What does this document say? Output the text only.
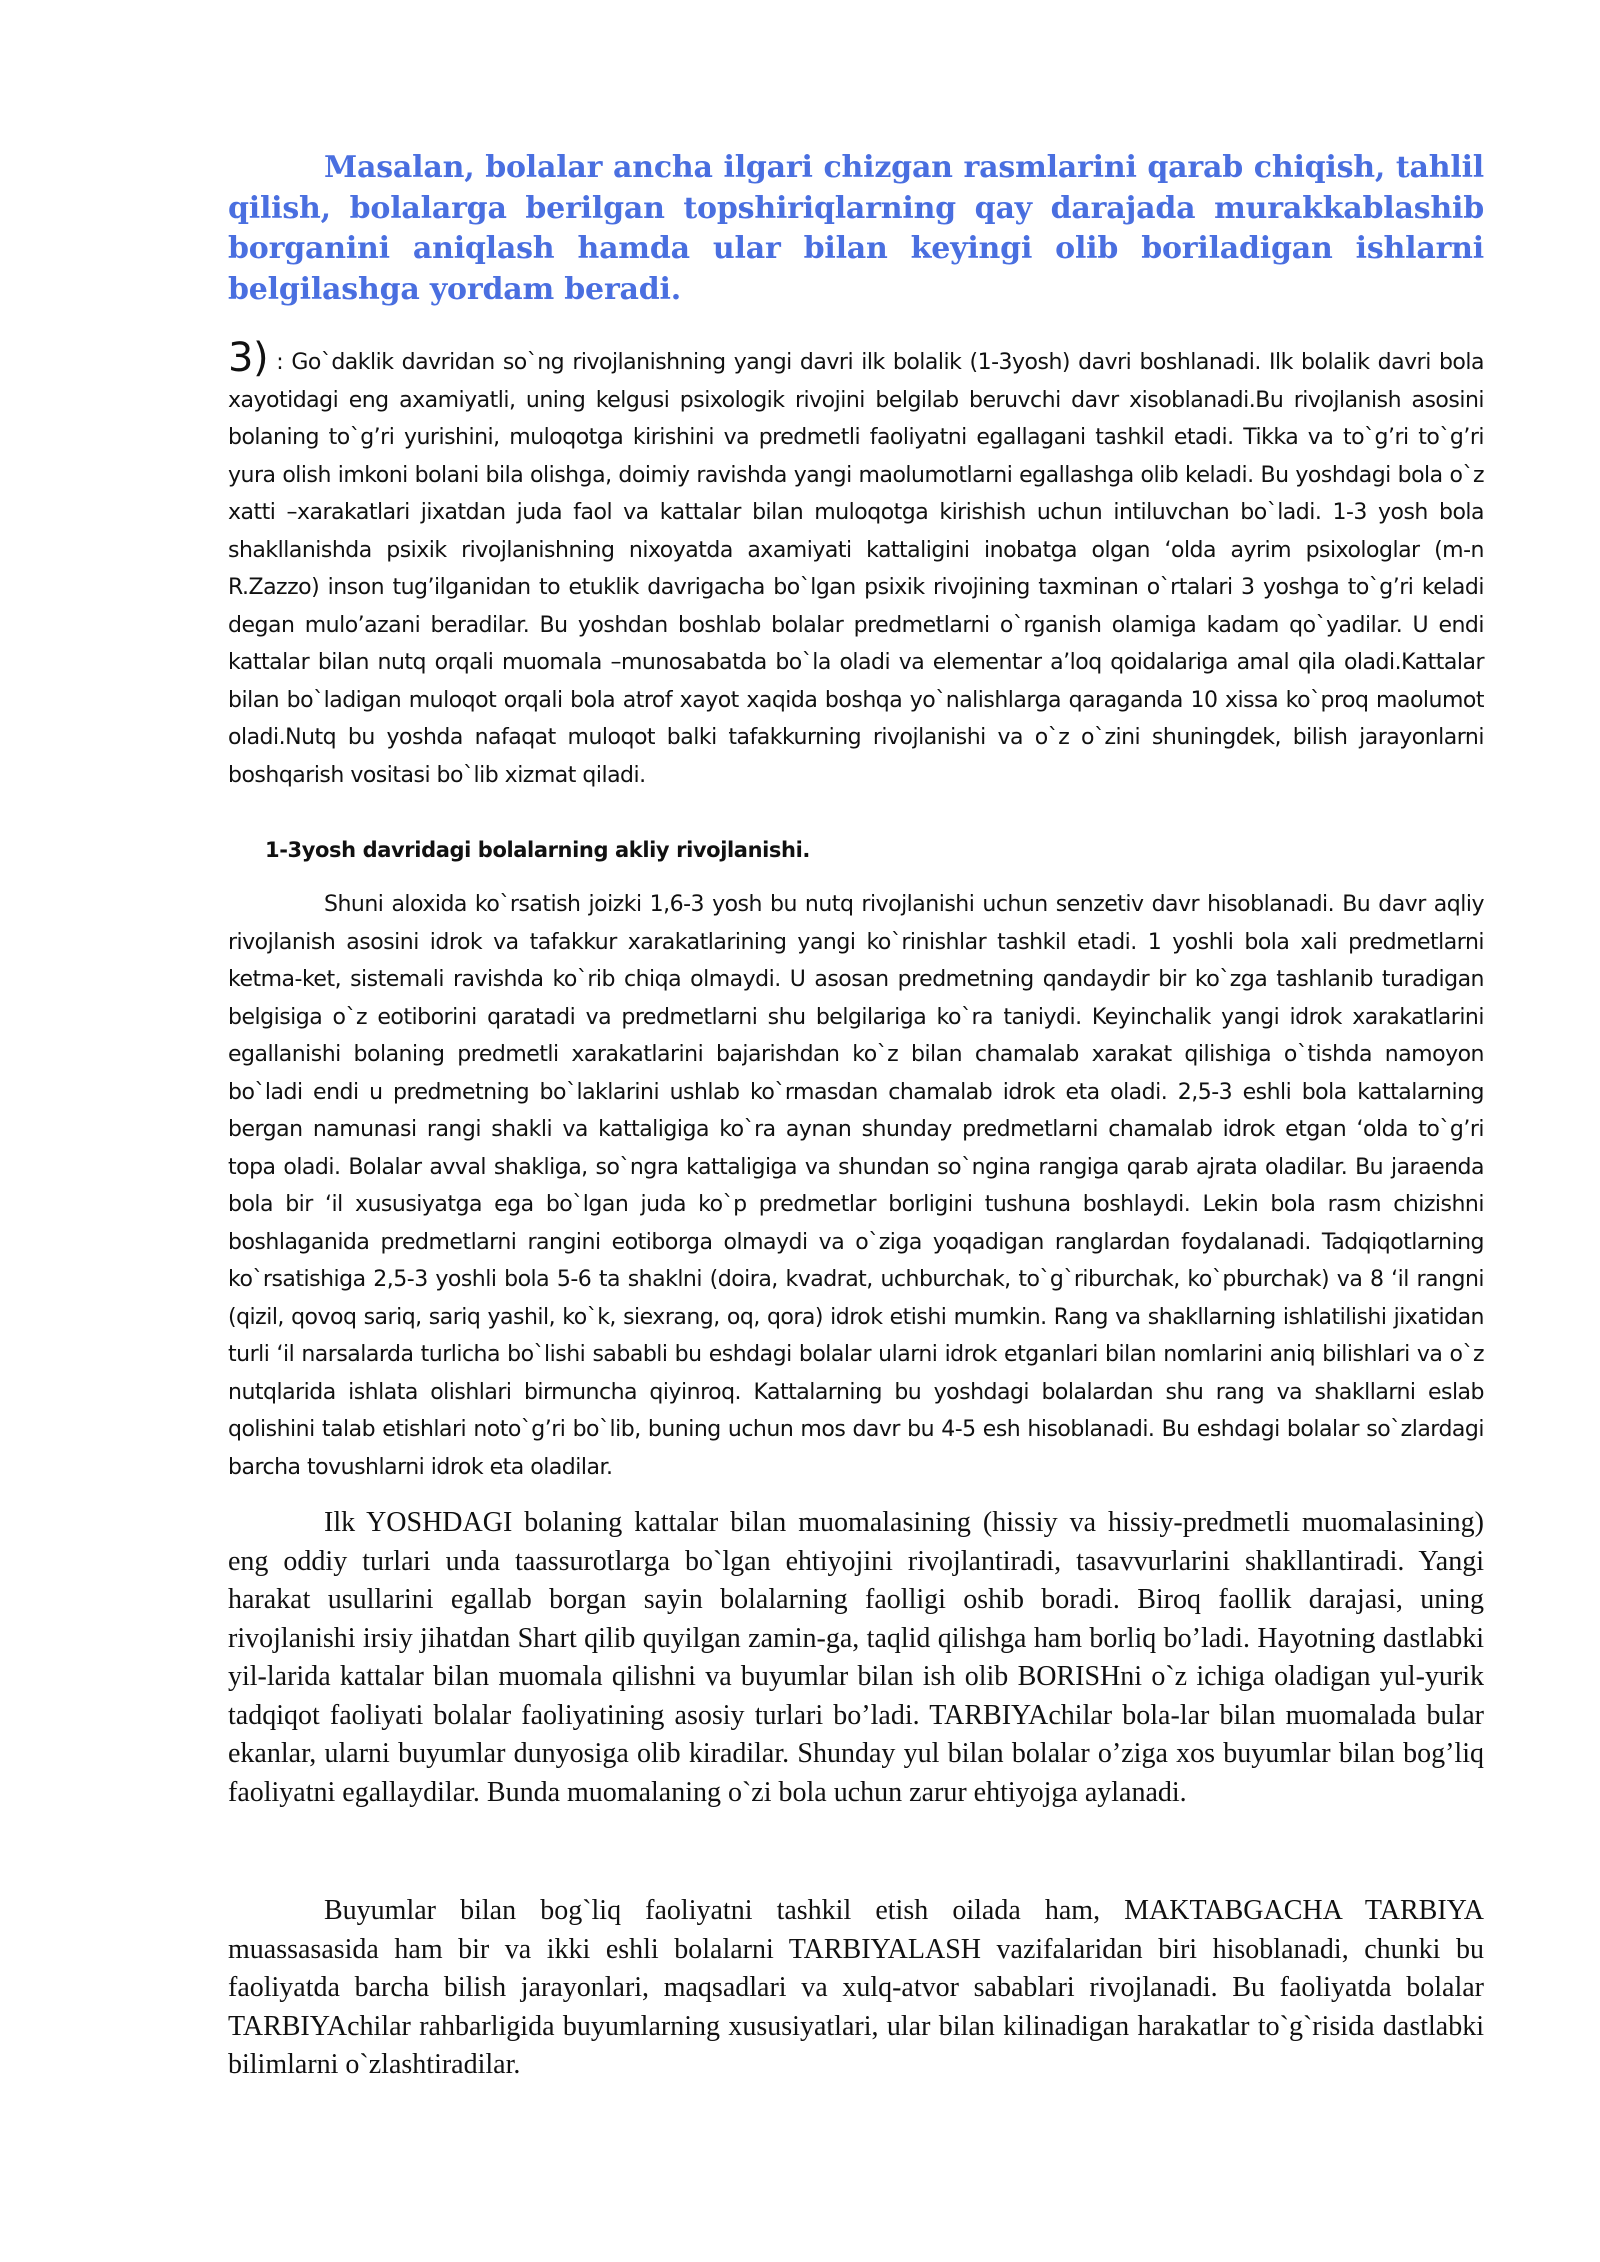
Masalan, bolalar ancha ilgari chizgan rasmlarini qarab chiqish, tahlil qilish, bolalarga berilgan topshiriqlarning qay darajada murakkablashib borganini aniqlash hamda ular bilan keyingi olib boriladigan ishlarni belgilashga yordam beradi.

3) : Go`daklik davridan so`ng rivojlanishning yangi davri ilk bolalik (1-3yosh) davri boshlanadi. Ilk bolalik davri bola xayotidagi eng axamiyatli, uning kelgusi psixologik rivojini belgilab beruvchi davr xisoblanadi.Bu rivojlanish asosini bolaning to`g’ri yurishini, muloqotga kirishini va predmetli faoliyatni egallagani tashkil etadi. Tikka va to`g’ri to`g’ri yura olish imkoni bolani bila olishga, doimiy ravishda yangi maolumotlarni egallashga olib keladi. Bu yoshdagi bola o`z xatti –xarakatlari jixatdan juda faol va kattalar bilan muloqotga kirishish uchun intiluvchan bo`ladi. 1-3 yosh bola shakllanishda psixik rivojlanishning nixoyatda axamiyati kattaligini inobatga olgan ‘olda ayrim psixologlar (m-n R.Zazzo) inson tug’ilganidan to etuklik davrigacha bo`lgan psixik rivojining taxminan o`rtalari 3 yoshga to`g’ri keladi degan mulo’azani beradilar. Bu yoshdan boshlab bolalar predmetlarni o`rganish olamiga kadam qo`yadilar. U endi kattalar bilan nutq orqali muomala –munosabatda bo`la oladi va elementar a’loq qoidalariga amal qila oladi.Kattalar bilan bo`ladigan muloqot orqali bola atrof xayot xaqida boshqa yo`nalishlarga qaraganda 10 xissa ko`proq maolumot oladi.Nutq bu yoshda nafaqat muloqot balki tafakkurning rivojlanishi va o`z o`zini shuningdek, bilish jarayonlarni boshqarish vositasi bo`lib xizmat qiladi.

1-3yosh davridagi bolalarning akliy rivojlanishi.

Shuni aloxida ko`rsatish joizki 1,6-3 yosh bu nutq rivojlanishi uchun senzetiv davr hisoblanadi. Bu davr aqliy rivojlanish asosini idrok va tafakkur xarakatlarining yangi ko`rinishlar tashkil etadi. 1 yoshli bola xali predmetlarni ketma-ket, sistemali ravishda ko`rib chiqa olmaydi. U asosan predmetning qandaydir bir ko`zga tashlanib turadigan belgisiga o`z eotiborini qaratadi va predmetlarni shu belgilariga ko`ra taniydi. Keyinchalik yangi idrok xarakatlarini egallanishi bolaning predmetli xarakatlarini bajarishdan ko`z bilan chamalab xarakat qilishiga o`tishda namoyon bo`ladi endi u predmetning bo`laklarini ushlab ko`rmasdan chamalab idrok eta oladi. 2,5-3 eshli bola kattalarning bergan namunasi rangi shakli va kattaligiga ko`ra aynan shunday predmetlarni chamalab idrok etgan ‘olda to`g’ri topa oladi. Bolalar avval shakliga, so`ngra kattaligiga va shundan so`ngina rangiga qarab ajrata oladilar. Bu jaraenda bola bir ‘il xususiyatga ega bo`lgan juda ko`p predmetlar borligini tushuna boshlaydi. Lekin bola rasm chizishni boshlaganida predmetlarni rangini eotiborga olmaydi va o`ziga yoqadigan ranglardan foydalanadi. Tadqiqotlarning ko`rsatishiga 2,5-3 yoshli bola 5-6 ta shaklni (doira, kvadrat, uchburchak, to`g`riburchak, ko`pburchak) va 8 ‘il rangni (qizil, qovoq sariq, sariq yashil, ko`k, siexrang, oq, qora) idrok etishi mumkin. Rang va shakllarning ishlatilishi jixatidan turli ‘il narsalarda turlicha bo`lishi sababli bu eshdagi bolalar ularni idrok etganlari bilan nomlarini aniq bilishlari va o`z nutqlarida ishlata olishlari birmuncha qiyinroq. Kattalarning bu yoshdagi bolalardan shu rang va shakllarni eslab qolishini talab etishlari noto`g’ri bo`lib, buning uchun mos davr bu 4-5 esh hisoblanadi. Bu eshdagi bolalar so`zlardagi barcha tovushlarni idrok eta oladilar.

Ilk YOSHDAGI bolaning kattalar bilan muomalasining (hissiy va hissiy-predmetli muomalasining) eng oddiy turlari unda taassurotlarga bo`lgan ehtiyojini rivojlantiradi, tasavvurlarini shakllantiradi. Yangi harakat usullarini egallab borgan sayin bolalarning faolligi oshib boradi. Biroq faollik darajasi, uning rivojlanishi irsiy jihatdan Shart qilib quyilgan zamin-ga, taqlid qilishga ham borliq bo’ladi. Hayotning dastlabki yil-larida kattalar bilan muomala qilishni va buyumlar bilan ish olib BORISHni o`z ichiga oladigan yul-yurik tadqiqot faoliyati bolalar faoliyatining asosiy turlari bo’ladi. TARBIYAchilar bola-lar bilan muomalada bular ekanlar, ularni buyumlar dunyosiga olib kiradilar. Shunday yul bilan bolalar o’ziga xos buyumlar bilan bog’liq faoliyatni egallaydilar. Bunda muomalaning o`zi bola uchun zarur ehtiyojga aylanadi.

Buyumlar bilan bog`liq faoliyatni tashkil etish oilada ham, MAKTABGACHA TARBIYA muassasasida ham bir va ikki eshli bolalarni TARBIYALASH vazifalaridan biri hisoblanadi, chunki bu faoliyatda barcha bilish jarayonlari, maqsadlari va xulq-atvor sabablari rivojlanadi. Bu faoliyatda bolalar TARBIYAchilar rahbarligida buyumlarning xususiyatlari, ular bilan kilinadigan harakatlar to`g`risida dastlabki bilimlarni o`zlashtiradilar.
